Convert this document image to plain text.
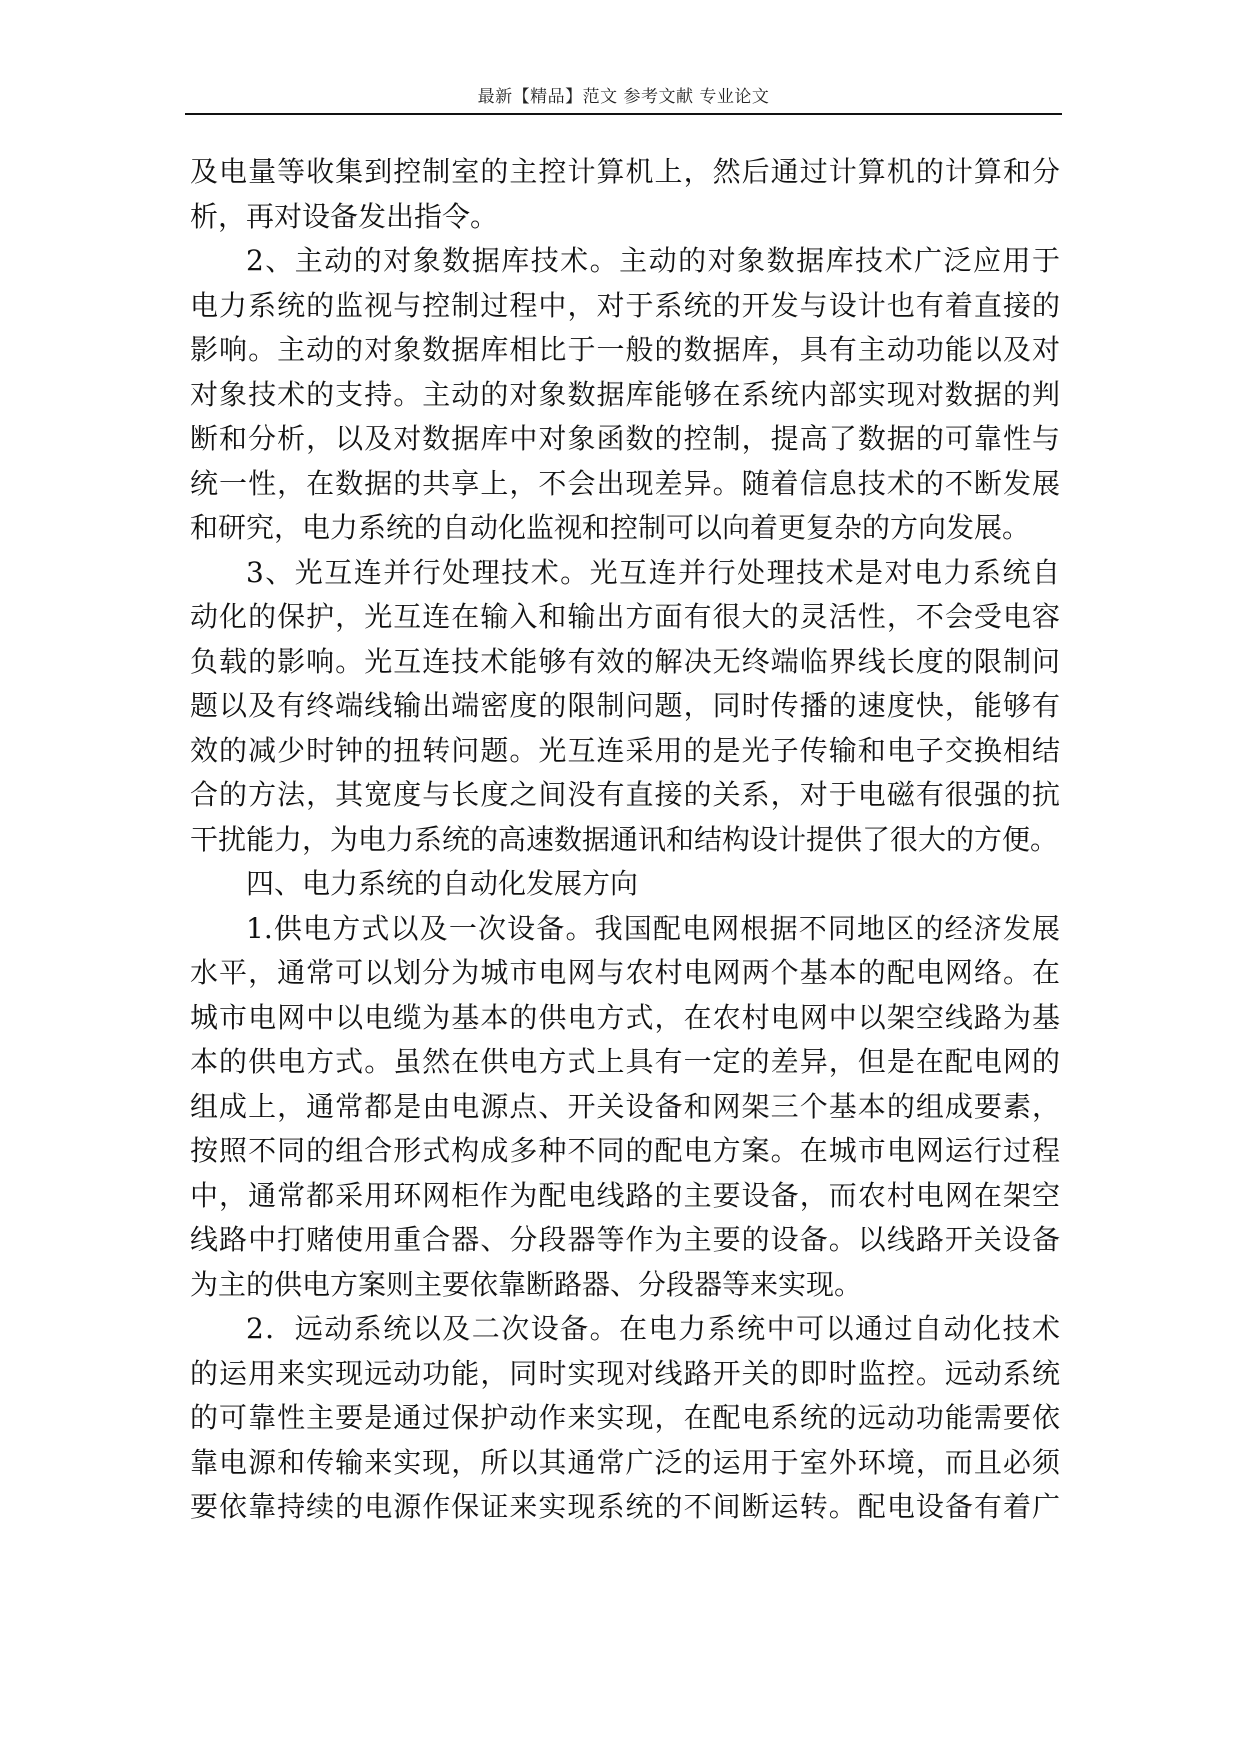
最新【精品】范文 参考文献 专业论文
及电量等收集到控制室的主控计算机上，然后通过计算机的计算和分
析，再对设备发出指令。
2、主动的对象数据库技术。主动的对象数据库技术广泛应用于
电力系统的监视与控制过程中，对于系统的开发与设计也有着直接的
影响。主动的对象数据库相比于一般的数据库，具有主动功能以及对
对象技术的支持。主动的对象数据库能够在系统内部实现对数据的判
断和分析，以及对数据库中对象函数的控制，提高了数据的可靠性与
统一性，在数据的共享上，不会出现差异。随着信息技术的不断发展
和研究，电力系统的自动化监视和控制可以向着更复杂的方向发展。
3、光互连并行处理技术。光互连并行处理技术是对电力系统自
动化的保护，光互连在输入和输出方面有很大的灵活性，不会受电容
负载的影响。光互连技术能够有效的解决无终端临界线长度的限制问
题以及有终端线输出端密度的限制问题，同时传播的速度快，能够有
效的减少时钟的扭转问题。光互连采用的是光子传输和电子交换相结
合的方法，其宽度与长度之间没有直接的关系，对于电磁有很强的抗
干扰能力，为电力系统的高速数据通讯和结构设计提供了很大的方便。
四、电力系统的自动化发展方向
1.供电方式以及一次设备。我国配电网根据不同地区的经济发展
水平，通常可以划分为城市电网与农村电网两个基本的配电网络。在
城市电网中以电缆为基本的供电方式，在农村电网中以架空线路为基
本的供电方式。虽然在供电方式上具有一定的差异，但是在配电网的
组成上，通常都是由电源点、开关设备和网架三个基本的组成要素，
按照不同的组合形式构成多种不同的配电方案。在城市电网运行过程
中，通常都采用环网柜作为配电线路的主要设备，而农村电网在架空
线路中打赌使用重合器、分段器等作为主要的设备。以线路开关设备
为主的供电方案则主要依靠断路器、分段器等来实现。
2．远动系统以及二次设备。在电力系统中可以通过自动化技术
的运用来实现远动功能，同时实现对线路开关的即时监控。远动系统
的可靠性主要是通过保护动作来实现，在配电系统的远动功能需要依
靠电源和传输来实现，所以其通常广泛的运用于室外环境，而且必须
要依靠持续的电源作保证来实现系统的不间断运转。配电设备有着广
